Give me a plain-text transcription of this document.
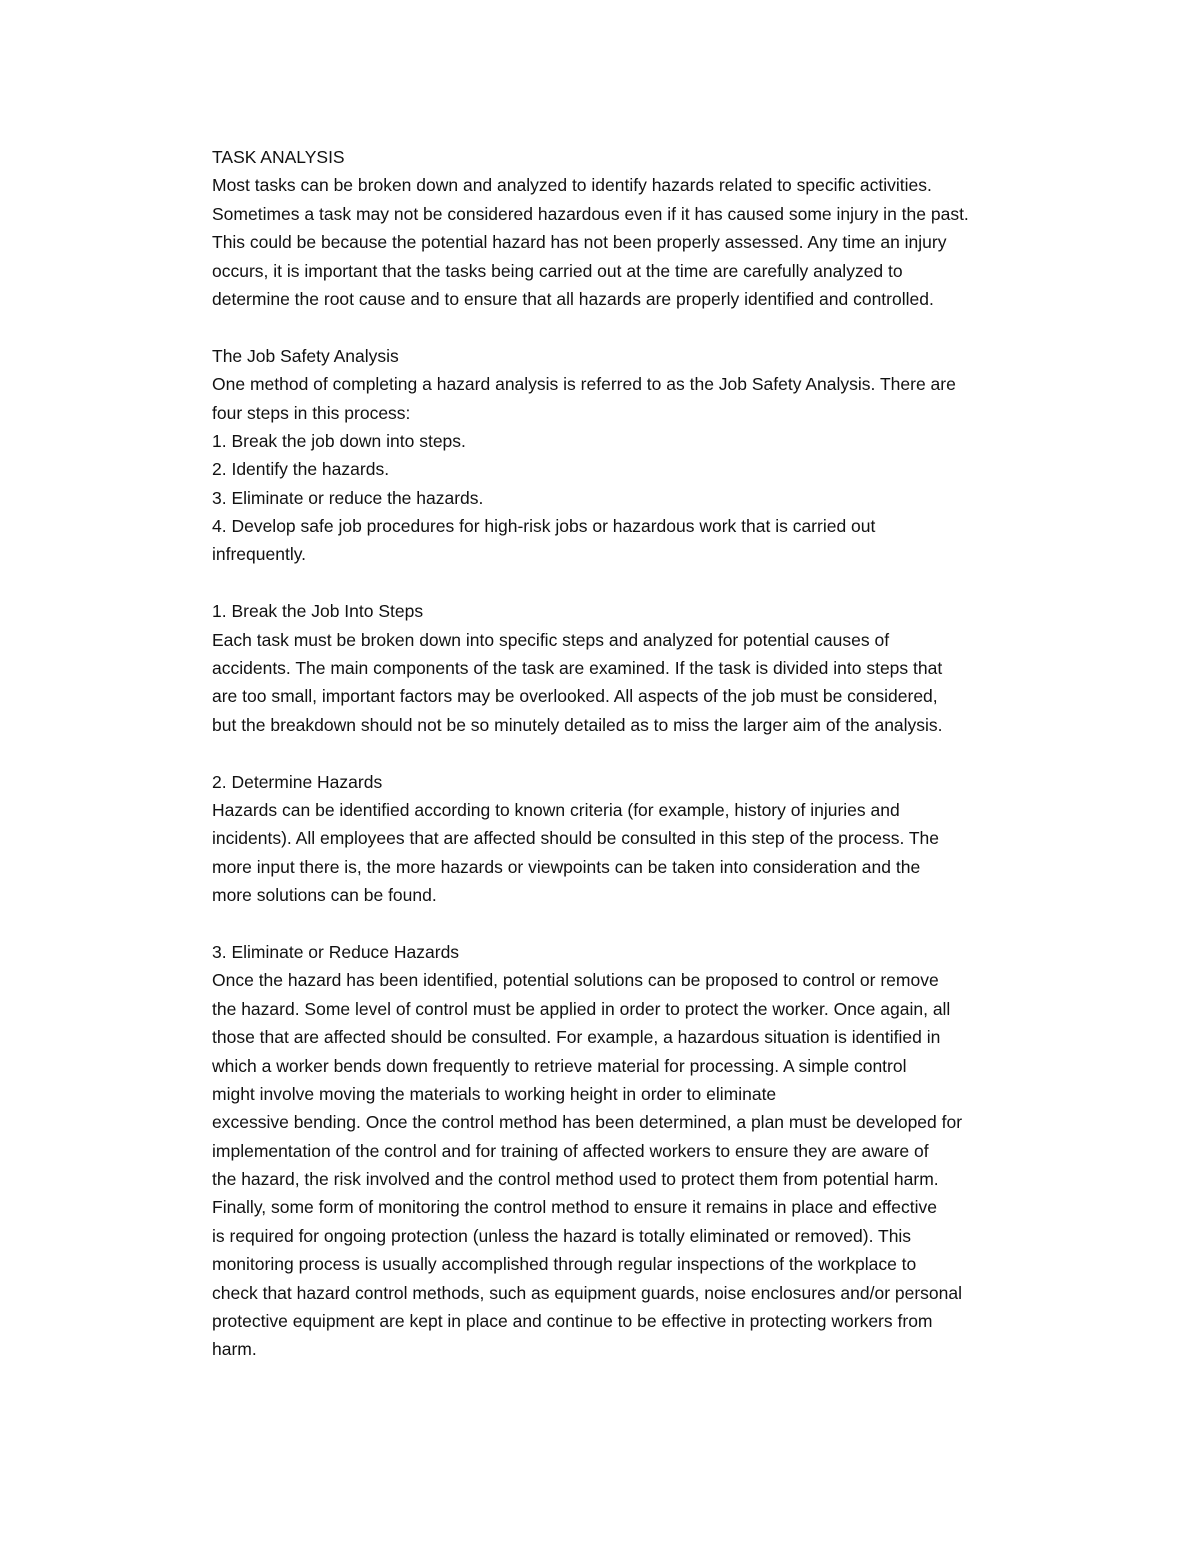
TASK ANALYSIS
Most tasks can be broken down and analyzed to identify hazards related to specific activities.
Sometimes a task may not be considered hazardous even if it has caused some injury in the past.
This could be because the potential hazard has not been properly assessed. Any time an injury
occurs, it is important that the tasks being carried out at the time are carefully analyzed to
determine the root cause and to ensure that all hazards are properly identified and controlled.
The Job Safety Analysis
One method of completing a hazard analysis is referred to as the Job Safety Analysis. There are
four steps in this process:
1. Break the job down into steps.
2. Identify the hazards.
3. Eliminate or reduce the hazards.
4. Develop safe job procedures for high-risk jobs or hazardous work that is carried out
infrequently.
1. Break the Job Into Steps
Each task must be broken down into specific steps and analyzed for potential causes of
accidents. The main components of the task are examined. If the task is divided into steps that
are too small, important factors may be overlooked. All aspects of the job must be considered,
but the breakdown should not be so minutely detailed as to miss the larger aim of the analysis.
2. Determine Hazards
Hazards can be identified according to known criteria (for example, history of injuries and
incidents). All employees that are affected should be consulted in this step of the process. The
more input there is, the more hazards or viewpoints can be taken into consideration and the
more solutions can be found.
3. Eliminate or Reduce Hazards
Once the hazard has been identified, potential solutions can be proposed to control or remove
the hazard. Some level of control must be applied in order to protect the worker. Once again, all
those that are affected should be consulted. For example, a hazardous situation is identified in
which a worker bends down frequently to retrieve material for processing. A simple control
might involve moving the materials to working height in order to eliminate
excessive bending. Once the control method has been determined, a plan must be developed for
implementation of the control and for training of affected workers to ensure they are aware of
the hazard, the risk involved and the control method used to protect them from potential harm.
Finally, some form of monitoring the control method to ensure it remains in place and effective
is required for ongoing protection (unless the hazard is totally eliminated or removed). This
monitoring process is usually accomplished through regular inspections of the workplace to
check that hazard control methods, such as equipment guards, noise enclosures and/or personal
protective equipment are kept in place and continue to be effective in protecting workers from
harm.
